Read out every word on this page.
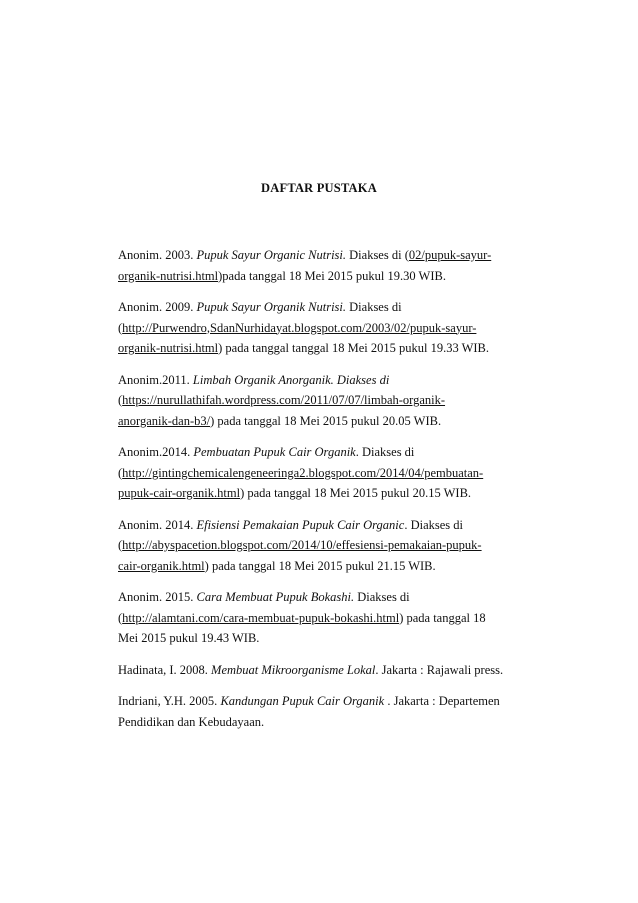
DAFTAR PUSTAKA
Anonim. 2003. Pupuk Sayur Organic Nutrisi. Diakses di (02/pupuk-sayur-
organik-nutrisi.html)pada tanggal 18 Mei 2015 pukul 19.30 WIB.
Anonim. 2009. Pupuk Sayur Organik Nutrisi. Diakses di
(http://Purwendro,SdanNurhidayat.blogspot.com/2003/02/pupuk-sayur-
organik-nutrisi.html) pada tanggal tanggal 18 Mei 2015 pukul 19.33 WIB.
Anonim.2011. Limbah Organik Anorganik. Diakses di
(https://nurullathifah.wordpress.com/2011/07/07/limbah-organik-
anorganik-dan-b3/) pada tanggal 18 Mei 2015 pukul 20.05 WIB.
Anonim.2014. Pembuatan Pupuk Cair Organik. Diakses di
(http://gintingchemicalengeneeringa2.blogspot.com/2014/04/pembuatan-
pupuk-cair-organik.html) pada tanggal 18 Mei 2015 pukul 20.15 WIB.
Anonim. 2014. Efisiensi Pemakaian Pupuk Cair Organic. Diakses di
(http://abyspacetion.blogspot.com/2014/10/effesiensi-pemakaian-pupuk-
cair-organik.html) pada tanggal 18 Mei 2015 pukul 21.15 WIB.
Anonim. 2015. Cara Membuat Pupuk Bokashi. Diakses di
(http://alamtani.com/cara-membuat-pupuk-bokashi.html) pada tanggal 18
Mei 2015 pukul 19.43 WIB.
Hadinata, I. 2008. Membuat Mikroorganisme Lokal. Jakarta : Rajawali press.
Indriani, Y.H. 2005. Kandungan Pupuk Cair Organik . Jakarta : Departemen
Pendidikan dan Kebudayaan.
